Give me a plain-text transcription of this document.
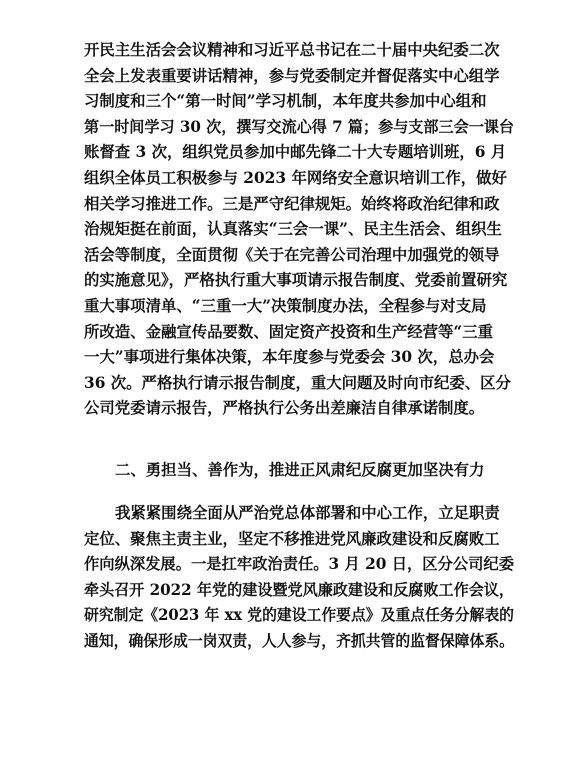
开民主生活会会议精神和习近平总书记在二十届中央纪委二次
全会上发表重要讲话精神，参与党委制定并督促落实中心组学
习制度和三个“第一时间”学习机制，本年度共参加中心组和
第一时间学习 30 次，撰写交流心得 7 篇；参与支部三会一课台
账督查 3 次，组织党员参加中邮先锋二十大专题培训班，6 月
组织全体员工积极参与 2023 年网络安全意识培训工作，做好
相关学习推进工作。三是严守纪律规矩。始终将政治纪律和政
治规矩挺在前面，认真落实“三会一课”、民主生活会、组织生
活会等制度，全面贯彻《关于在完善公司治理中加强党的领导
的实施意见》，严格执行重大事项请示报告制度、党委前置研究
重大事项清单、“三重一大”决策制度办法，全程参与对支局
所改造、金融宣传品要数、固定资产投资和生产经营等“三重
一大”事项进行集体决策，本年度参与党委会 30 次，总办会
36 次。严格执行请示报告制度，重大问题及时向市纪委、区分
公司党委请示报告，严格执行公务出差廉洁自律承诺制度。
二、勇担当、善作为，推进正风肃纪反腐更加坚决有力
我紧紧围绕全面从严治党总体部署和中心工作，立足职责
定位、聚焦主责主业，坚定不移推进党风廉政建设和反腐败工
作向纵深发展。一是扛牢政治责任。3 月 20 日，区分公司纪委
牵头召开 2022 年党的建设暨党风廉政建设和反腐败工作会议，
研究制定《2023 年 xx 党的建设工作要点》及重点任务分解表的
通知，确保形成一岗双责，人人参与，齐抓共管的监督保障体系。
